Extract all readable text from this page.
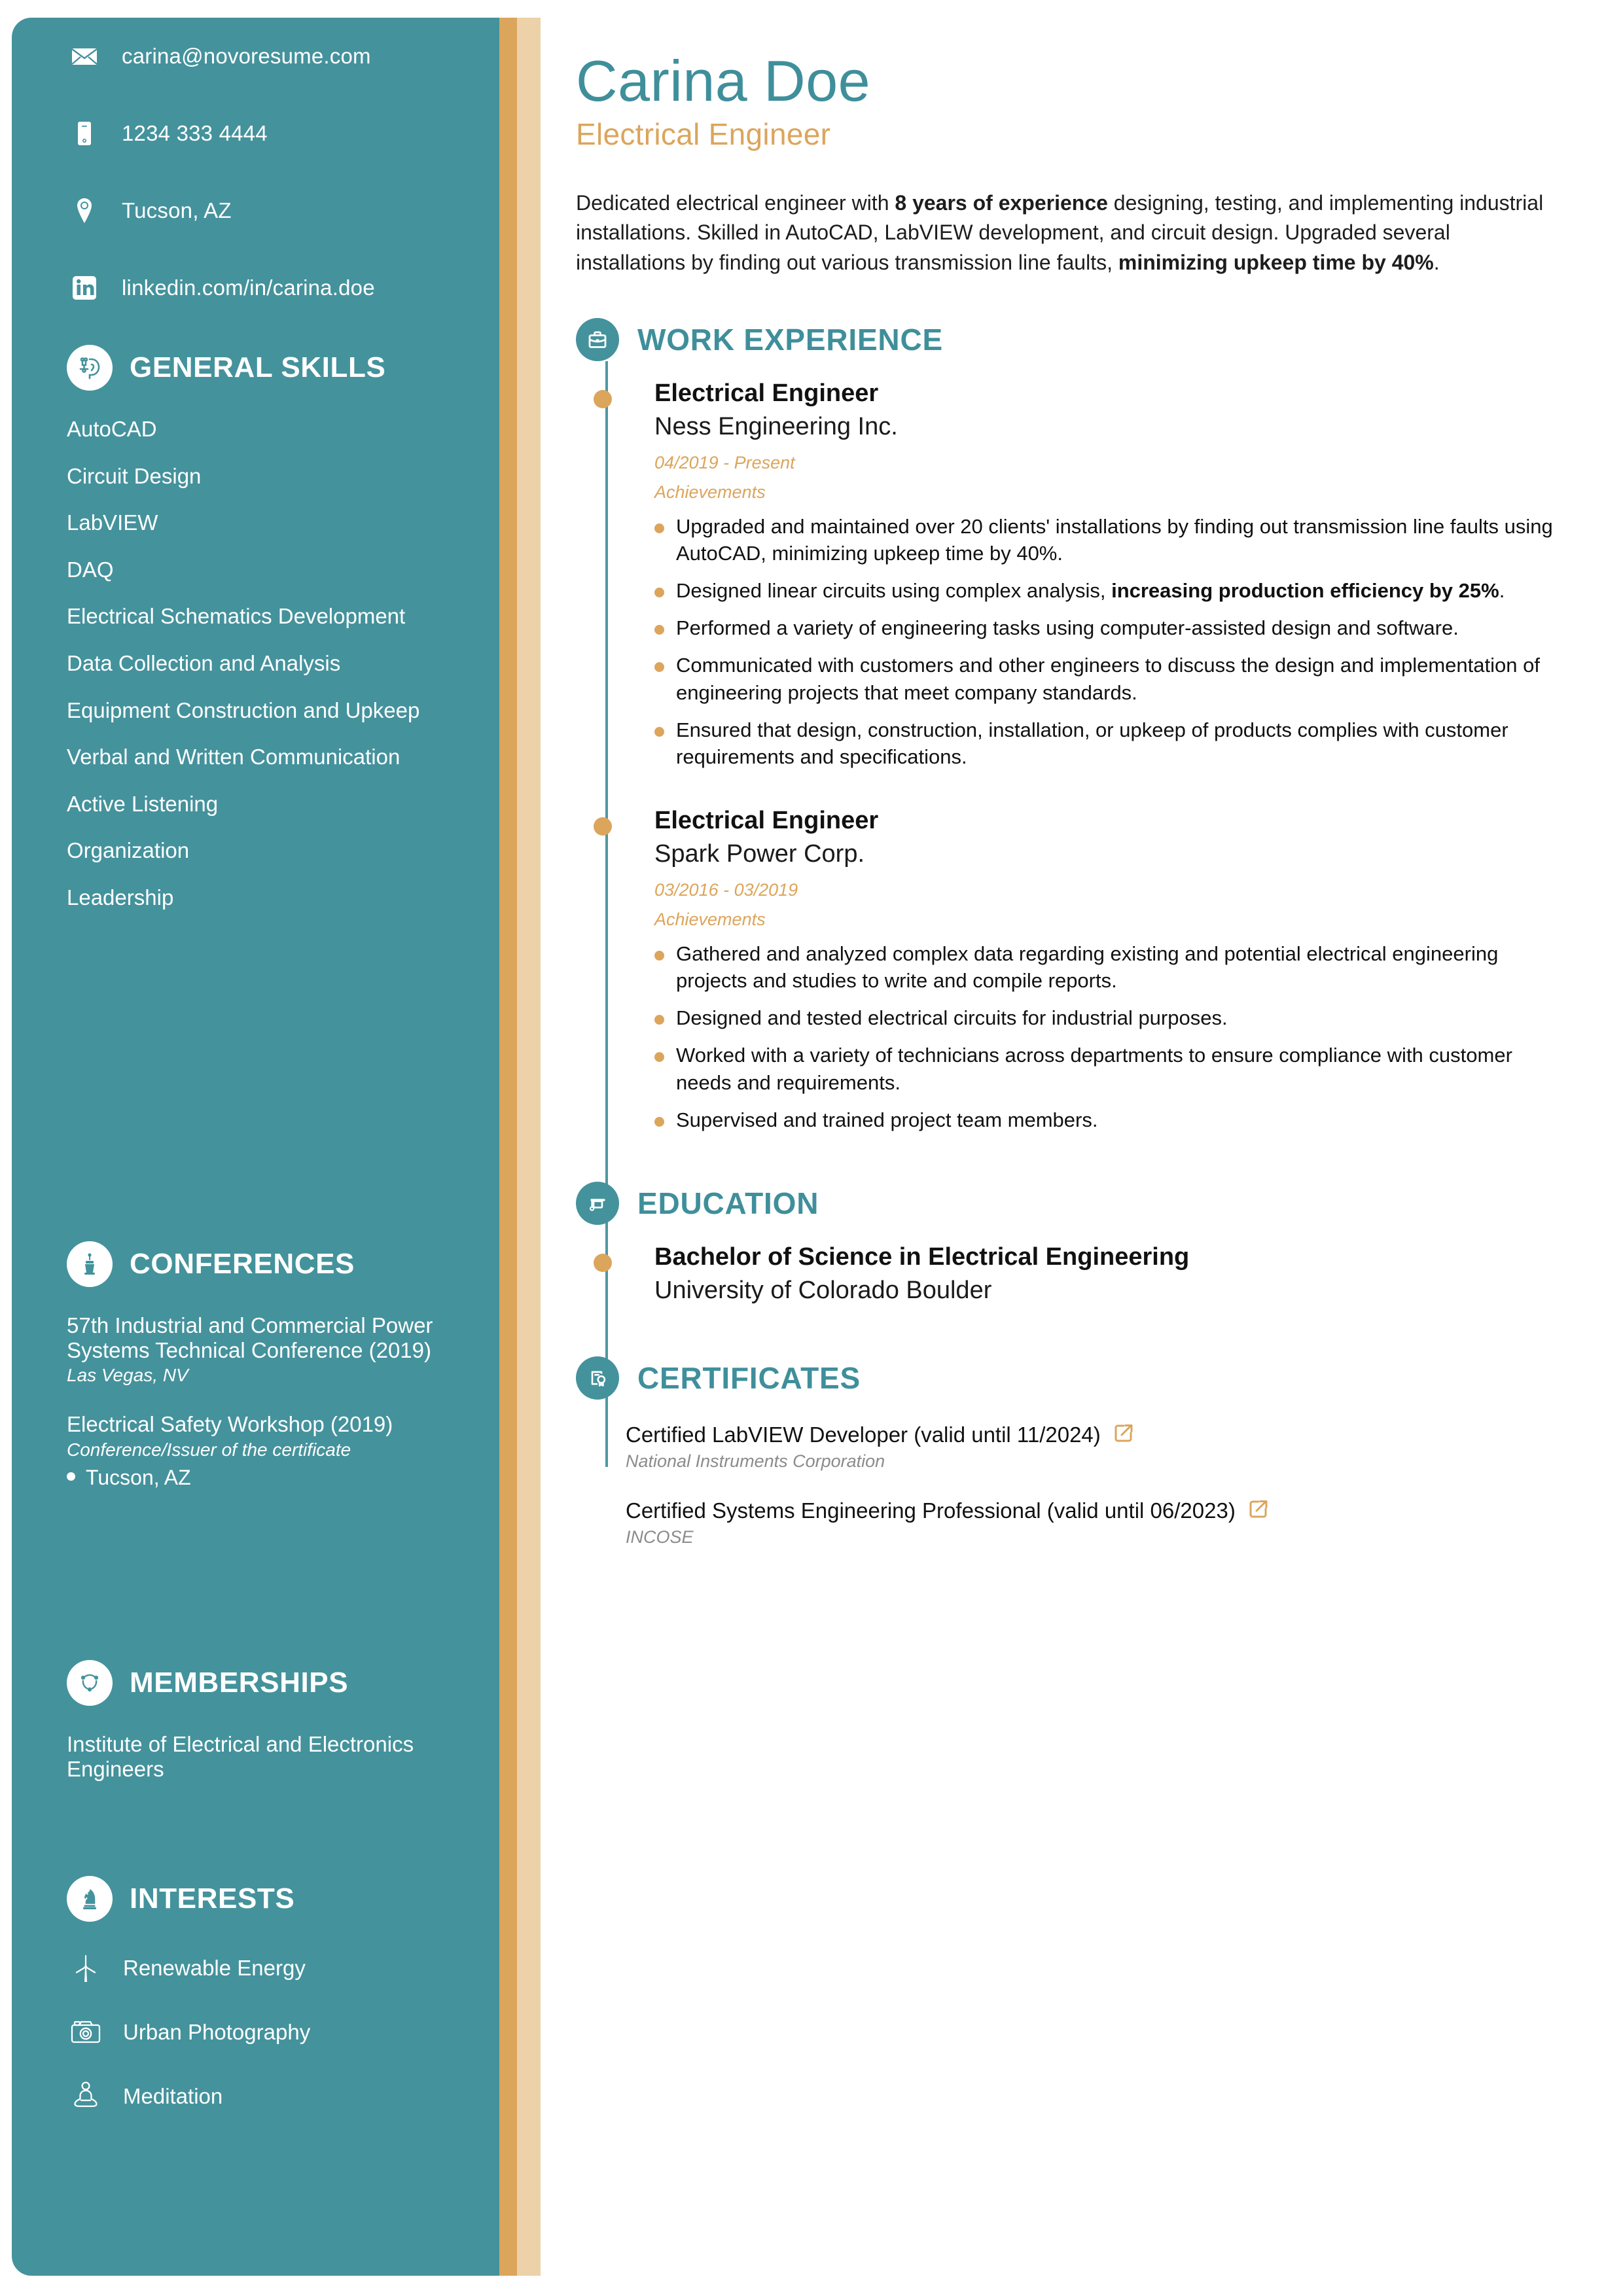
carina@novoresume.com
1234 333 4444
Tucson, AZ
linkedin.com/in/carina.doe
GENERAL SKILLS
AutoCAD
Circuit Design
LabVIEW
DAQ
Electrical Schematics Development
Data Collection and Analysis
Equipment Construction and Upkeep
Verbal and Written Communication
Active Listening
Organization
Leadership
CONFERENCES
57th Industrial and Commercial Power Systems Technical Conference (2019)
Las Vegas, NV
Electrical Safety Workshop (2019)
Conference/Issuer of the certificate
Tucson, AZ
MEMBERSHIPS
Institute of Electrical and Electronics Engineers
INTERESTS
Renewable Energy
Urban Photography
Meditation
Carina Doe
Electrical Engineer
Dedicated electrical engineer with 8 years of experience designing, testing, and implementing industrial installations. Skilled in AutoCAD, LabVIEW development, and circuit design. Upgraded several installations by finding out various transmission line faults, minimizing upkeep time by 40%.
WORK EXPERIENCE
Electrical Engineer
Ness Engineering Inc.
04/2019 - Present
Achievements
Upgraded and maintained over 20 clients' installations by finding out transmission line faults using AutoCAD, minimizing upkeep time by 40%.
Designed linear circuits using complex analysis, increasing production efficiency by 25%.
Performed a variety of engineering tasks using computer-assisted design and software.
Communicated with customers and other engineers to discuss the design and implementation of engineering projects that meet company standards.
Ensured that design, construction, installation, or upkeep of products complies with customer requirements and specifications.
Electrical Engineer
Spark Power Corp.
03/2016 - 03/2019
Achievements
Gathered and analyzed complex data regarding existing and potential electrical engineering projects and studies to write and compile reports.
Designed and tested electrical circuits for industrial purposes.
Worked with a variety of technicians across departments to ensure compliance with customer needs and requirements.
Supervised and trained project team members.
EDUCATION
Bachelor of Science in Electrical Engineering
University of Colorado Boulder
CERTIFICATES
Certified LabVIEW Developer (valid until 11/2024)
National Instruments Corporation
Certified Systems Engineering Professional (valid until 06/2023)
INCOSE
